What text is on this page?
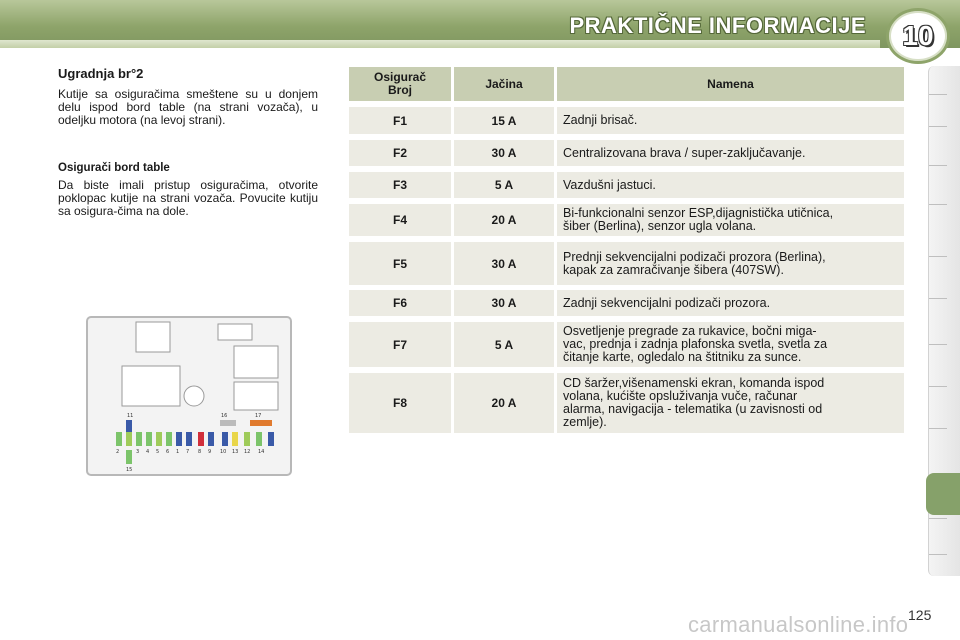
PRAKTIČNE INFORMACIJE	10
Ugradnja br°2
Kutije sa osiguračima smeštene su u donjem delu ispod bord table (na strani vozača), u odeljku motora (na levoj strani).
Osigurači bord table
Da biste imali pristup osiguračima, otvorite poklopac kutije na strani vozača. Povucite kutiju sa osigura-čima na dole.
11	16	17
2	3 4 5 6 1 7 8 9 10 13 12 14
15
Osigurač
Broj	Jačina	Namena
F1	15 A	Zadnji brisač.
F2	30 A	Centralizovana brava / super-zaključavanje.
F3	5 A	Vazdušni jastuci.
F4	20 A	Bi-funkcionalni senzor ESP,dijagnistička utičnica,
šiber (Berlina), senzor ugla volana.
F5	30 A	Prednji sekvencijalni podizači prozora (Berlina),
kapak za zamračivanje šibera (407SW).
F6	30 A	Zadnji sekvencijalni podizači prozora.
F7	5 A
Osvetljenje pregrade za rukavice, bočni miga-
vac, prednja i zadnja plafonska svetla, svetla za
čitanje karte, ogledalo na štitniku za sunce.
F8	20 A
CD šaržer,višenamenski ekran, komanda ispod
volana, kućište opsluživanja vuče, računar
alarma, navigacija - telematika (u zavisnosti od
zemlje).
125
carmanualsonline.info
